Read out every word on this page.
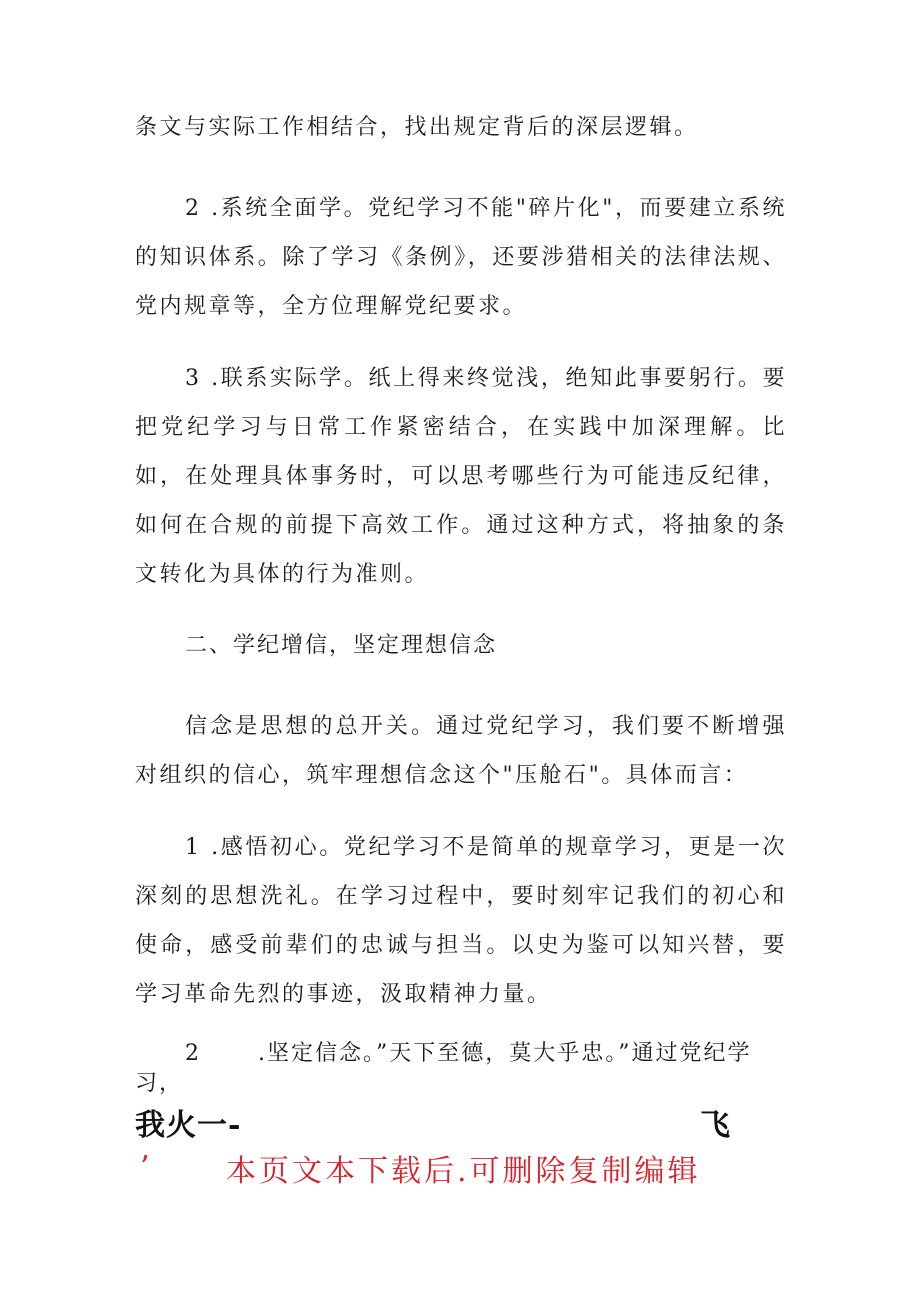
条文与实际工作相结合，找出规定背后的深层逻辑。

2 .系统全面学。党纪学习不能"碎片化"，而要建立系统的知识体系。除了学习《条例》，还要涉猎相关的法律法规、党内规章等，全方位理解党纪要求。

3 .联系实际学。纸上得来终觉浅，绝知此事要躬行。要把党纪学习与日常工作紧密结合，在实践中加深理解。比如，在处理具体事务时，可以思考哪些行为可能违反纪律，如何在合规的前提下高效工作。通过这种方式，将抽象的条文转化为具体的行为准则。

二、学纪增信，坚定理想信念

信念是思想的总开关。通过党纪学习，我们要不断增强对组织的信心，筑牢理想信念这个"压舱石"。具体而言：

1 .感悟初心。党纪学习不是简单的规章学习，更是一次深刻的思想洗礼。在学习过程中，要时刻牢记我们的初心和使命，感受前辈们的忠诚与担当。以史为鉴可以知兴替，要学习革命先烈的事迹，汲取精神力量。

2	.坚定信念。”天下至德，莫大乎忠。”通过党纪学

习，

我火一-	飞

’	本页文本下载后.可删除复制编辑
